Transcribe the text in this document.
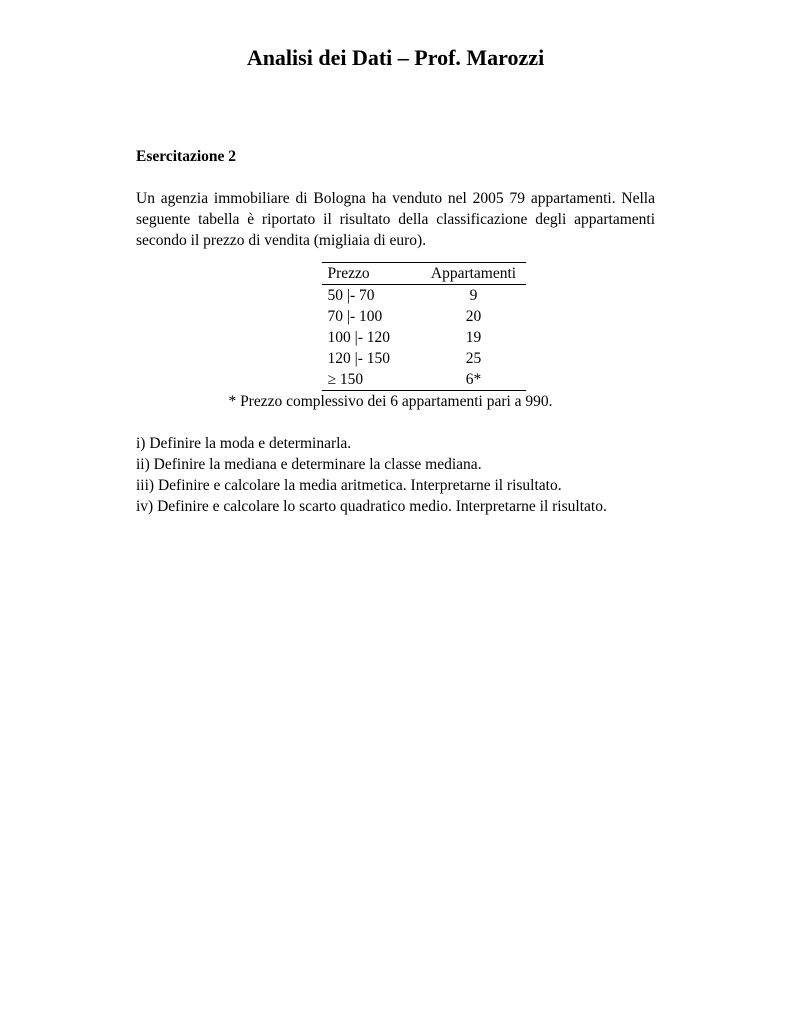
Analisi dei Dati – Prof. Marozzi

Esercitazione 2

Un agenzia immobiliare di Bologna ha venduto nel 2005 79 appartamenti. Nella seguente tabella è riportato il risultato della classificazione degli appartamenti secondo il prezzo di vendita (migliaia di euro).

Prezzo	Appartamenti
50 |- 70	9
70 |- 100	20
100 |- 120	19
120 |- 150	25
≥ 150	6*

* Prezzo complessivo dei 6 appartamenti pari a 990.

i) Definire la moda e determinarla.

ii) Definire la mediana e determinare la classe mediana.

iii) Definire e calcolare la media aritmetica. Interpretarne il risultato.

iv) Definire e calcolare lo scarto quadratico medio. Interpretarne il risultato.
